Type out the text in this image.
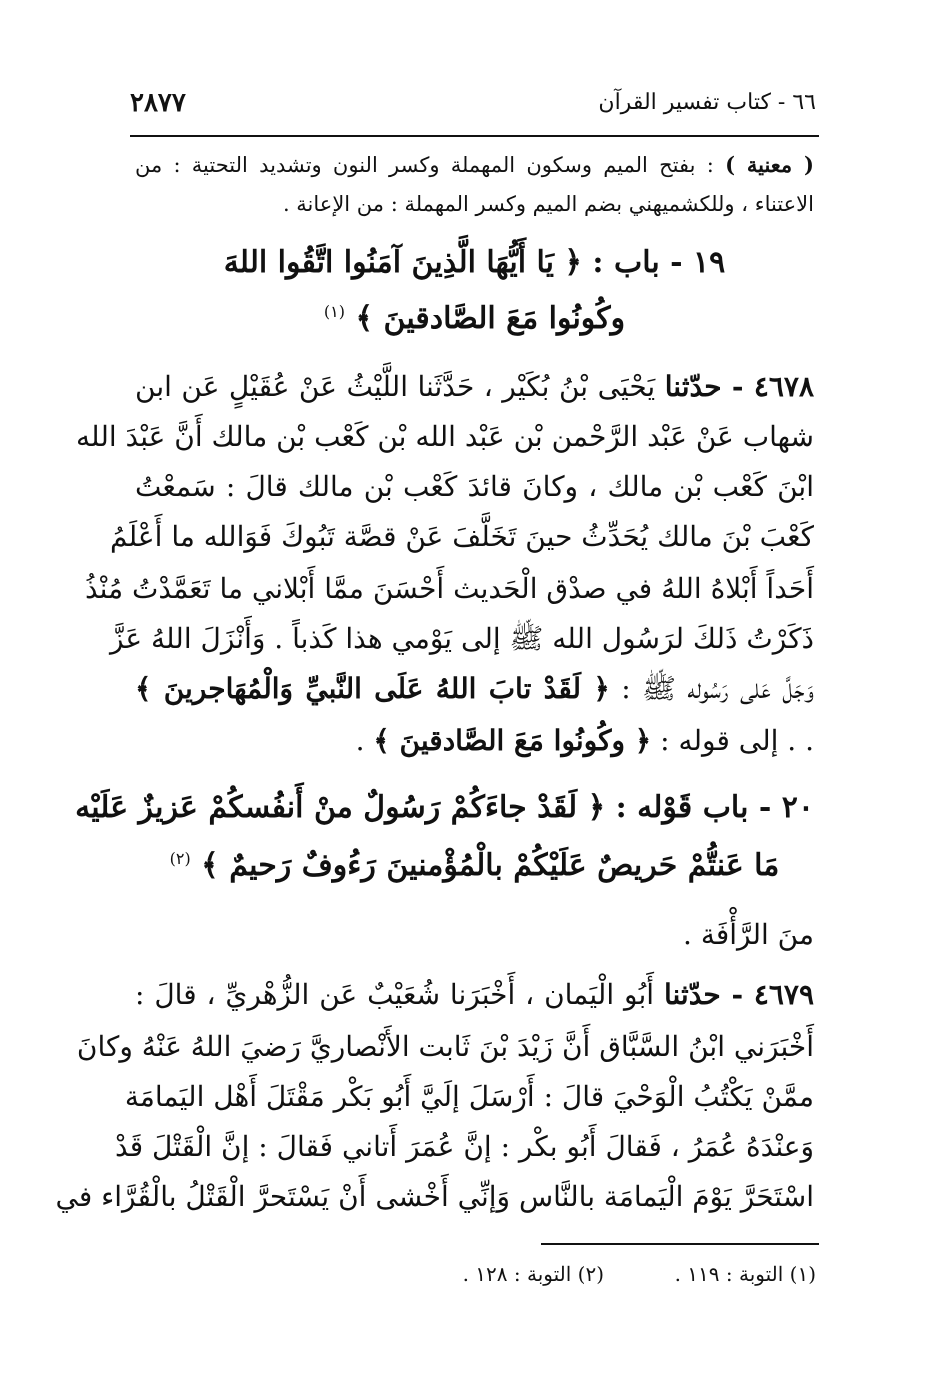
٢٨٧٧	٦٦ - كتاب تفسير القرآن
( معنية ) : بفتح الميم وسكون المهملة وكسر النون وتشديد التحتية : من
الاعتناء ، وللكشميهني بضم الميم وكسر المهملة : من الإعانة .
١٩ - باب : ﴿ يَا أَيُّهَا الَّذِينَ آمَنُوا اتَّقُوا اللهَ
وكُونُوا مَعَ الصَّادقينَ ﴾ $^{(١)}$
٤٦٧٨ - حدّثنا يَحْيَى بْنُ بُكَيْر ، حَدَّثَنا اللَّيْثُ عَنْ عُقَيْلٍ عَن ابن
شهاب عَنْ عَبْد الرَّحْمن بْن عَبْد الله بْن كَعْب بْن مالك أَنَّ عَبْدَ الله
ابْنَ كَعْب بْن مالك ، وكانَ قائدَ كَعْب بْن مالك قالَ : سَمعْتُ
كَعْبَ بْنَ مالك يُحَدِّثُ حينَ تَخَلَّفَ عَنْ قصَّة تَبُوكَ فَوَالله ما أَعْلَمُ
أَحَداً أَبْلاهُ اللهُ في صدْق الْحَديث أَحْسَنَ ممَّا أَبْلاني ما تَعَمَّدْتُ مُنْذُ
ذَكَرْتُ ذَلكَ لرَسُول الله ﷺ إلى يَوْمي هذا كَذباً . وَأَنْزَلَ اللهُ عَزَّ
وَجَلَّ عَلى رَسُوله ﷺ : ﴿ لَقَدْ تابَ اللهُ عَلَى النَّبيِّ وَالْمُهَاجرينَ ﴾
. . إلى قوله : ﴿ وكُونُوا مَعَ الصَّادقينَ ﴾ .
٢٠ - باب قَوْله : ﴿ لَقَدْ جاءَكُمْ رَسُولٌ منْ أَنفُسكُمْ عَزيزٌ عَلَيْه
مَا عَنتُّمْ حَريصٌ عَلَيْكُمْ بالْمُؤْمنينَ رَءُوفٌ رَحيمٌ ﴾ $^{(٢)}$
منَ الرَّأْفَة .
٤٦٧٩ - حدّثنا أَبُو الْيَمان ، أَخْبَرَنا شُعَيْبٌ عَن الزُّهْريِّ ، قالَ :
أَخْبَرَني ابْنُ السَّبَّاق أَنَّ زَيْدَ بْنَ ثَابت الأَنْصاريَّ رَضيَ اللهُ عَنْهُ وكانَ
ممَّنْ يَكْتُبُ الْوَحْيَ قالَ : أَرْسَلَ إلَيَّ أَبُو بَكْر مَقْتَلَ أَهْل اليَمامَة
وَعنْدَهُ عُمَرُ ، فَقالَ أَبُو بكْر : إنَّ عُمَرَ أَتاني فَقالَ : إنَّ الْقَتْلَ قَدْ
اسْتَحَرَّ يَوْمَ الْيَمامَة بالنَّاس وَإنِّي أَخْشى أَنْ يَسْتَحرَّ الْقَتْلُ بالْقُرَّاء في
(١) التوبة : ١١٩ .
(٢) التوبة : ١٢٨ .
